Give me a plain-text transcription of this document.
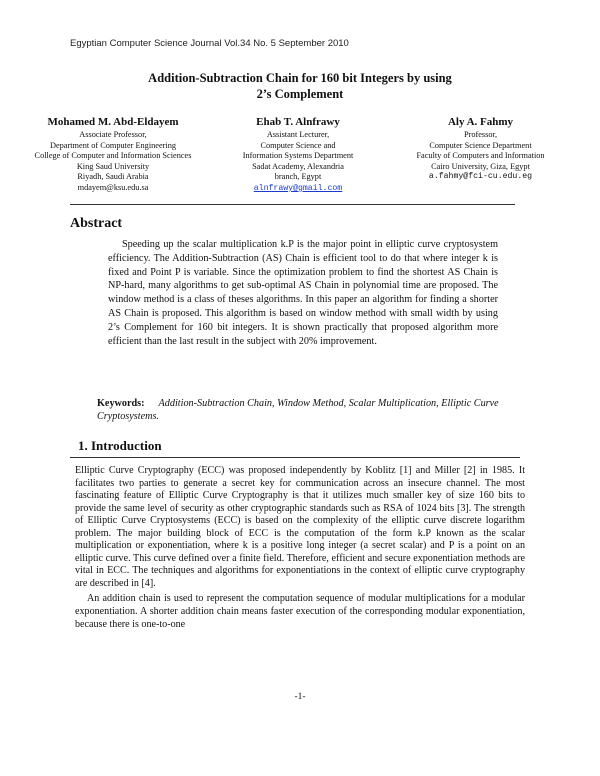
Egyptian Computer Science Journal Vol.34 No. 5 September 2010
Addition-Subtraction Chain for 160 bit Integers by using
2’s Complement
Mohamed M. Abd-Eldayem
Associate Professor,
Department of Computer Engineering
College of Computer and Information Sciences
King Saud University
Riyadh, Saudi Arabia
mdayem@ksu.edu.sa
Ehab T. Alnfrawy
Assistant Lecturer,
Computer Science and
Information Systems Department
Sadat Academy, Alexandria
branch, Egypt
alnfrawy@gmail.com
Aly A. Fahmy
Professor,
Computer Science Department
Faculty of Computers and Information
Cairo University, Giza, Egypt
a.fahmy@fci-cu.edu.eg
Abstract
Speeding up the scalar multiplication k.P is the major point in elliptic curve cryptosystem efficiency. The Addition-Subtraction (AS) Chain is efficient tool to do that where integer k is fixed and Point P is variable. Since the optimization problem to find the shortest AS Chain is NP-hard, many algorithms to get sub-optimal AS Chain in polynomial time are proposed. The window method is a class of theses algorithms. In this paper an algorithm for finding a shorter AS Chain is proposed. This algorithm is based on window method with small width by using 2’s Complement for 160 bit integers. It is shown practically that proposed algorithm more efficient than the last result in the subject with 20% improvement.
Keywords: Addition-Subtraction Chain, Window Method, Scalar Multiplication, Elliptic Curve Cryptosystems.
1. Introduction

Elliptic Curve Cryptography (ECC) was proposed independently by Koblitz [1] and Miller [2] in 1985. It facilitates two parties to generate a secret key for communication across an insecure channel. The most fascinating feature of Elliptic Curve Cryptography is that it utilizes much smaller key of size 160 bits to provide the same level of security as other cryptographic standards such as RSA of 1024 bits [3]. The strength of Elliptic Curve Cryptosystems (ECC) is based on the complexity of the elliptic curve discrete logarithm problem. The major building block of ECC is the computation of the form k.P known as the scalar multiplication or exponentiation, where k is a positive long integer (a secret scalar) and P is a point on an elliptic curve. This curve defined over a finite field. Therefore, efficient and secure exponentiation methods are vital in ECC. The techniques and algorithms for exponentiations in the context of elliptic curve cryptography are described in [4].

An addition chain is used to represent the computation sequence of modular multiplications for a modular exponentiation. A shorter addition chain means faster execution of the corresponding modular exponentiation, because there is one-to-one

-1-
